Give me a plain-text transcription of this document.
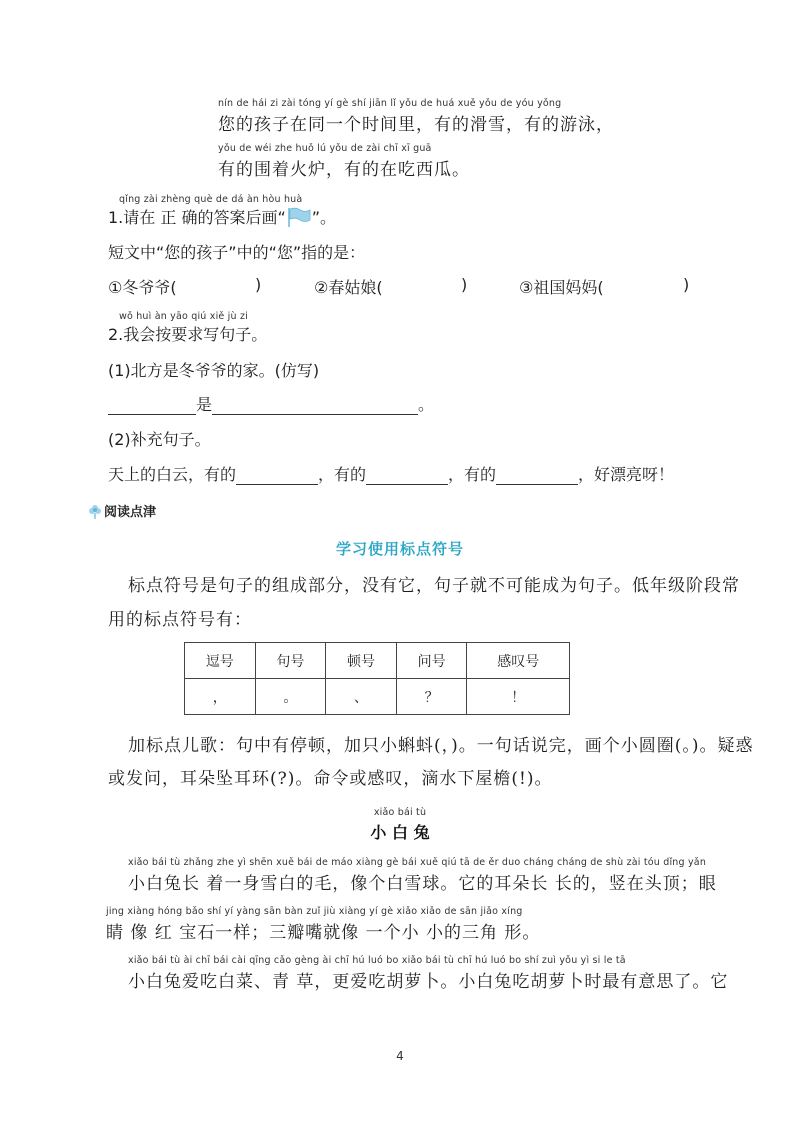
nín de hái zi zài tóng yí gè shí jiān lǐ yǒu de huá xuě yǒu de yóu yǒng
您的孩子在同一个时间里，有的滑雪，有的游泳，
yǒu de wéi zhe huǒ lú yǒu de zài chī xī guā
有的围着火炉，有的在吃西瓜。
qǐng zài zhèng què de dá àn hòu huà
1.请在 正 确的答案后画“ ”。
短文中“您的孩子”中的“您”指的是：
①冬爷爷(	)	②春姑娘(	)	③祖国妈妈(	)
wǒ huì àn yāo qiú xiě jù zi
2.我会按要求写句子。
(1)北方是冬爷爷的家。(仿写)
是	。
(2)补充句子。
天上的白云，有的	，有的	，有的	，好漂亮呀！
阅读点津
学习使用标点符号
标点符号是句子的组成部分，没有它，句子就不可能成为句子。低年级阶段常
用的标点符号有：
逗号	句号	顿号	问号	感叹号
，	。	、	？	！
加标点儿歌：句中有停顿，加只小蝌蚪(，)。一句话说完，画个小圆圈(。)。疑惑
或发问，耳朵坠耳环(?)。命令或感叹，滴水下屋檐(!)。
xiǎo bái tù
小 白 兔
xiǎo bái tù zhǎng zhe yì shēn xuě bái de máo xiàng gè bái xuě qiú tā de ěr duo cháng cháng de shù zài tóu dǐng yǎn
小白兔长 着一身雪白的毛，像个白雪球。它的耳朵长 长的，竖在头顶；眼
jing xiàng hóng bǎo shí yí yàng sān bàn zuǐ jiù xiàng yí gè xiǎo xiǎo de sān jiǎo xíng
睛 像 红 宝石一样；三瓣嘴就像 一个小 小的三角 形。
xiǎo bái tù ài chī bái cài qīng cǎo gèng ài chī hú luó bo xiǎo bái tù chī hú luó bo shí zuì yǒu yì si le tā
小白兔爱吃白菜、青 草，更爱吃胡萝卜。小白兔吃胡萝卜时最有意思了。它
4
